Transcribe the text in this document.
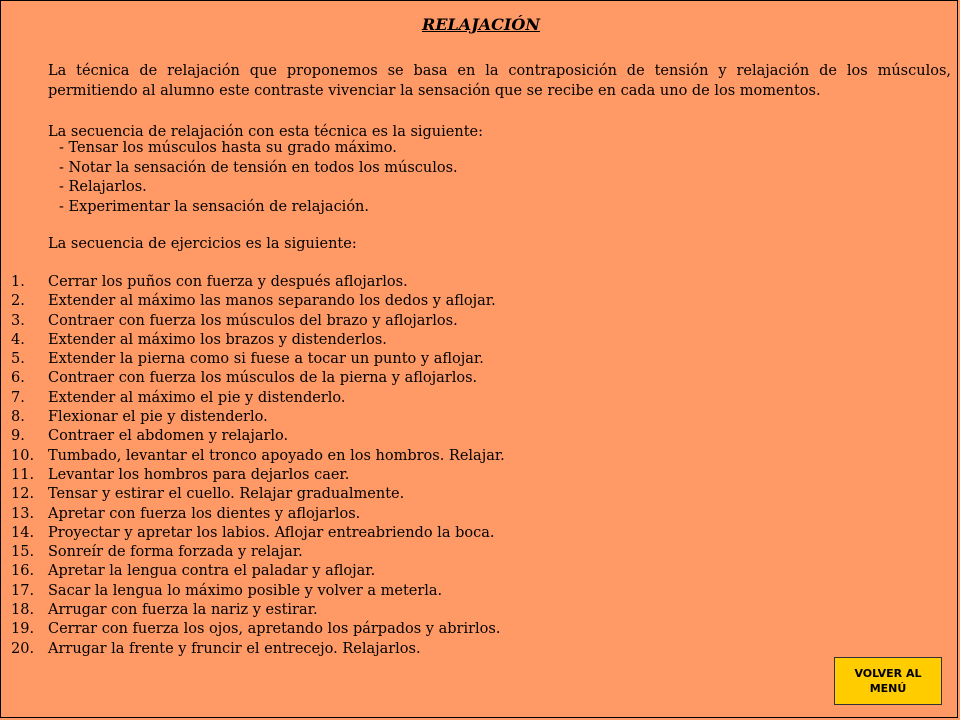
RELAJACIÓN
La técnica de relajación que proponemos se basa en la contraposición de tensión y relajación de los músculos, permitiendo al alumno este contraste vivenciar la sensación que se recibe en cada uno de los momentos.
La secuencia de relajación con esta técnica es la siguiente:
- Tensar los músculos hasta su grado máximo.
- Notar la sensación de tensión en todos los músculos.
- Relajarlos.
- Experimentar la sensación de relajación.
La secuencia de ejercicios es la siguiente:
1.	Cerrar los puños con fuerza y después aflojarlos.
2.	Extender al máximo las manos separando los dedos y aflojar.
3.	Contraer con fuerza los músculos del brazo y aflojarlos.
4.	Extender al máximo los brazos y distenderlos.
5.	Extender la pierna como si fuese a tocar un punto y aflojar.
6.	Contraer con fuerza los músculos de la pierna y aflojarlos.
7.	Extender al máximo el pie y distenderlo.
8.	Flexionar el pie y distenderlo.
9.	Contraer el abdomen y relajarlo.
10. Tumbado, levantar el tronco apoyado en los hombros. Relajar.
11. Levantar los hombros para dejarlos caer.
12. Tensar y estirar el cuello. Relajar gradualmente.
13. Apretar con fuerza los dientes y aflojarlos.
14. Proyectar y apretar los labios. Aflojar entreabriendo la boca.
15. Sonreír de forma forzada y relajar.
16. Apretar la lengua contra el paladar y aflojar.
17. Sacar la lengua lo máximo posible y volver a meterla.
18. Arrugar con fuerza la nariz y estirar.
19. Cerrar con fuerza los ojos, apretando los párpados y abrirlos.
20. Arrugar la frente y fruncir el entrecejo. Relajarlos.
VOLVER AL
MENÚ
